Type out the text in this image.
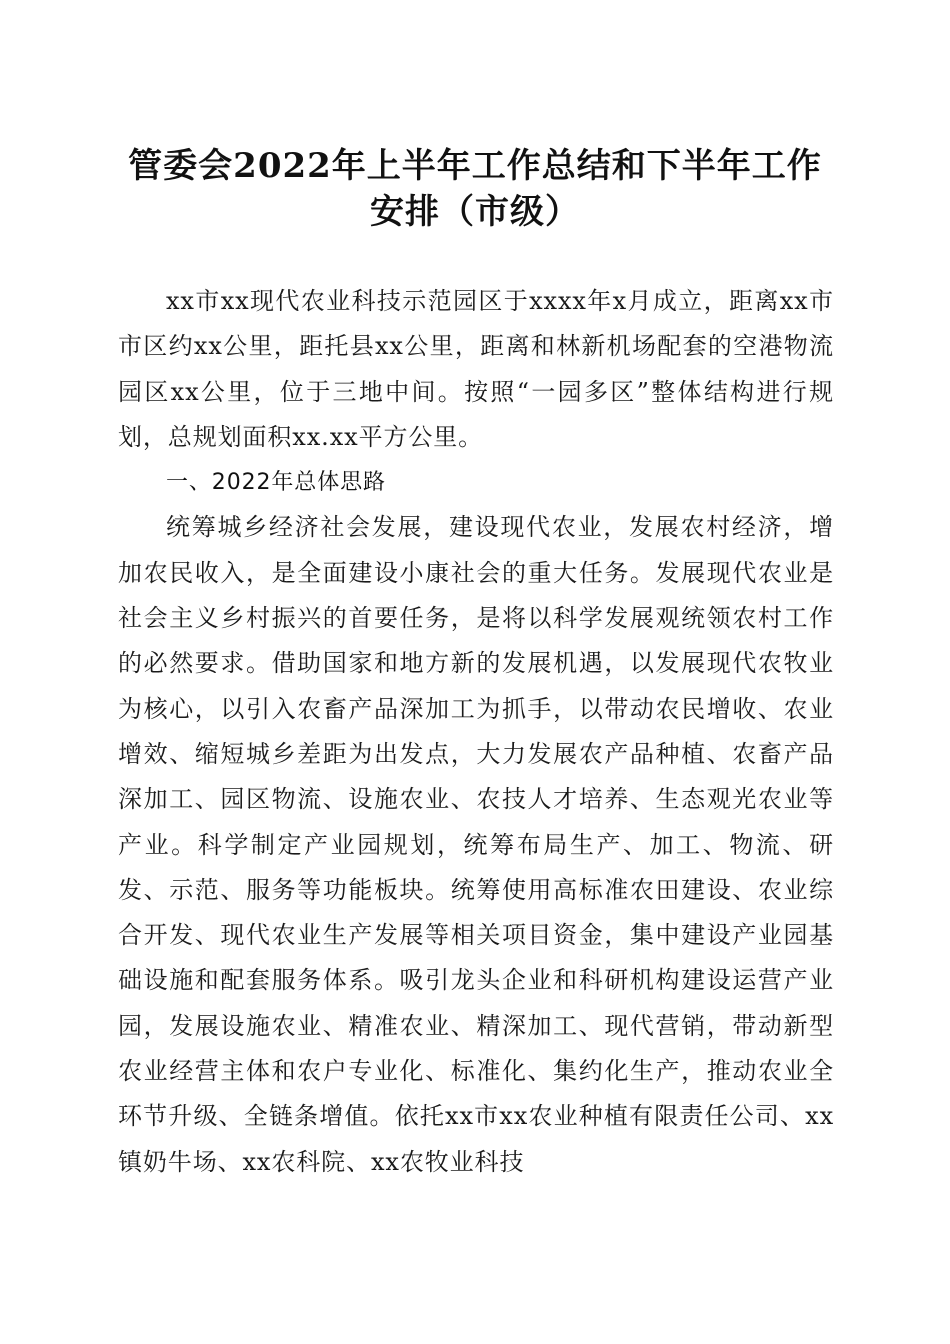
管委会2022年上半年工作总结和下半年工作
安排（市级）

xx市xx现代农业科技示范园区于xxxx年x月成立，距离xx市市区约xx公里，距托县xx公里，距离和林新机场配套的空港物流园区xx公里，位于三地中间。按照“一园多区”整体结构进行规划，总规划面积xx.xx平方公里。

一、2022年总体思路

统筹城乡经济社会发展，建设现代农业，发展农村经济，增加农民收入，是全面建设小康社会的重大任务。发展现代农业是社会主义乡村振兴的首要任务，是将以科学发展观统领农村工作的必然要求。借助国家和地方新的发展机遇，以发展现代农牧业为核心，以引入农畜产品深加工为抓手，以带动农民增收、农业增效、缩短城乡差距为出发点，大力发展农产品种植、农畜产品深加工、园区物流、设施农业、农技人才培养、生态观光农业等产业。科学制定产业园规划，统筹布局生产、加工、物流、研发、示范、服务等功能板块。统筹使用高标准农田建设、农业综合开发、现代农业生产发展等相关项目资金，集中建设产业园基础设施和配套服务体系。吸引龙头企业和科研机构建设运营产业园，发展设施农业、精准农业、精深加工、现代营销，带动新型农业经营主体和农户专业化、标准化、集约化生产，推动农业全环节升级、全链条增值。依托xx市xx农业种植有限责任公司、xx镇奶牛场、xx农科院、xx农牧业科技
